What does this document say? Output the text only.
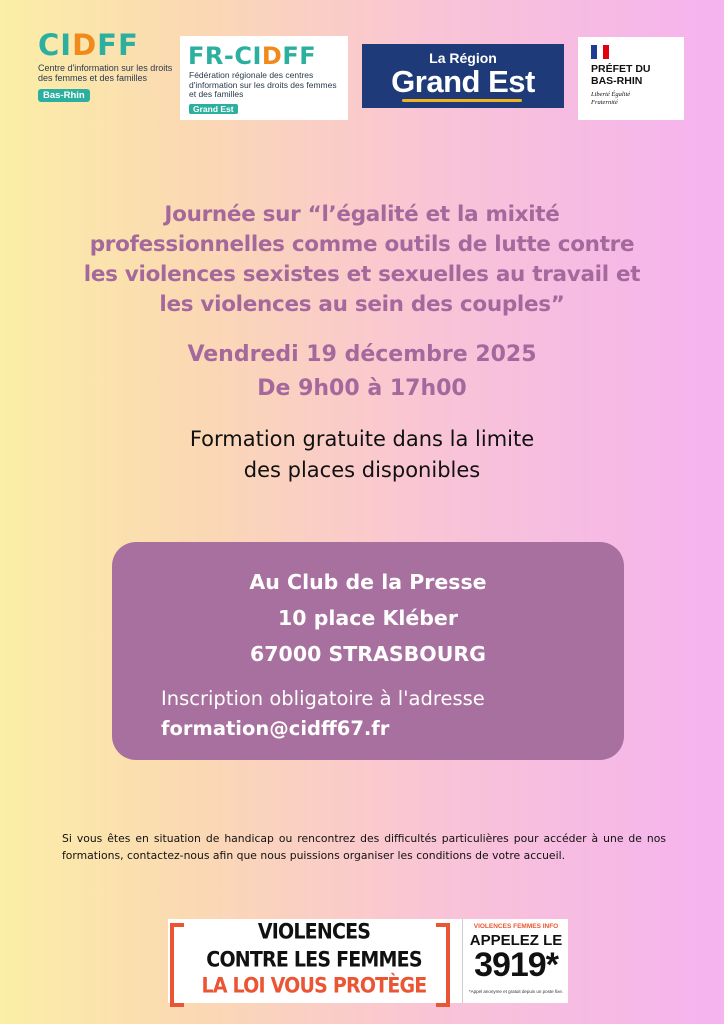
CIDFF
Centre d'information sur les droits des femmes et des familles
Bas-Rhin
FR-CIDFF
Fédération régionale des centres d'information sur les droits des femmes et des familles
Grand Est
La Région
Grand Est	PRÉFET DU BAS-RHIN
Liberté Égalité Fraternité
Journée sur “l’égalité et la mixité
professionnelles comme outils de lutte contre
les violences sexistes et sexuelles au travail et
les violences au sein des couples”
Vendredi 19 décembre 2025
De 9h00 à 17h00
Formation gratuite dans la limite
des places disponibles
Au Club de la Presse
10 place Kléber
67000 STRASBOURG
Inscription obligatoire à l'adresse
formation@cidff67.fr
Si vous êtes en situation de handicap ou rencontrez des difficultés particulières pour accéder à une de nos formations, contactez-nous afin que nous puissions organiser les conditions de votre accueil.
VIOLENCES
CONTRE LES FEMMES
LA LOI VOUS PROTÈGE
VIOLENCES FEMMES INFO
APPELEZ LE
3919*
*Appel anonyme et gratuit depuis un poste fixe.
